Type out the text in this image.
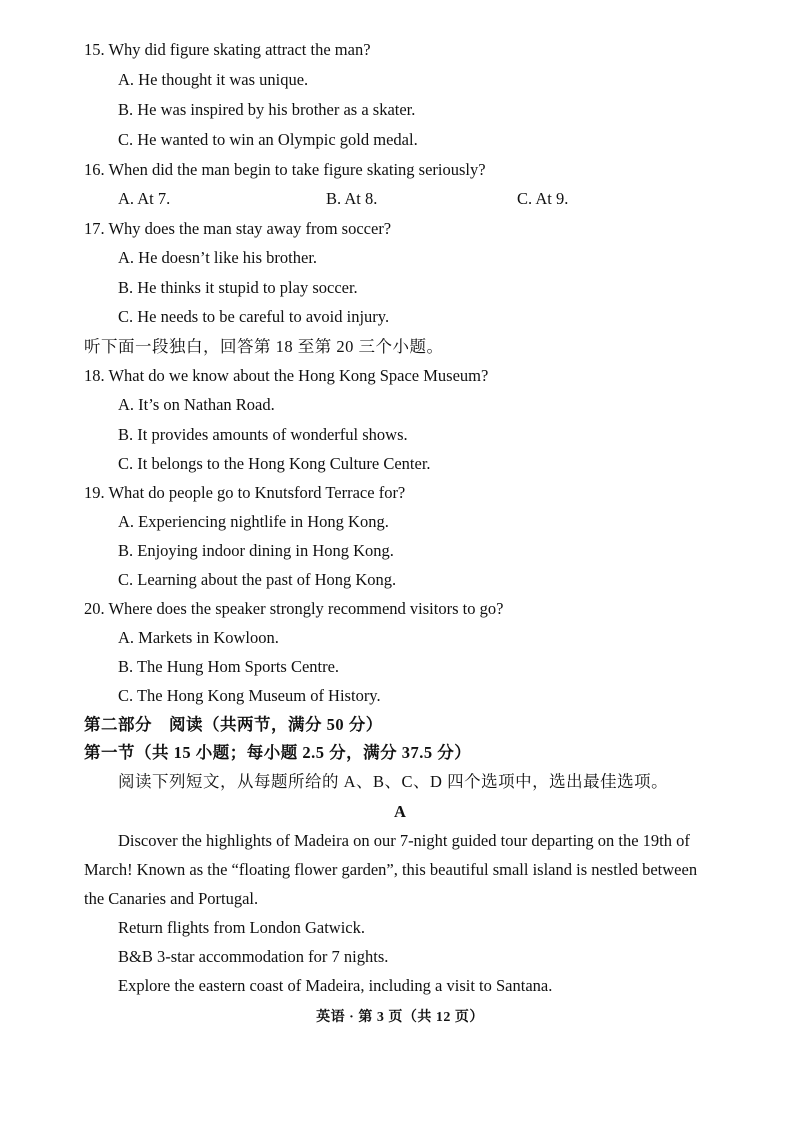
15. Why did figure skating attract the man?
A. He thought it was unique.
B. He was inspired by his brother as a skater.
C. He wanted to win an Olympic gold medal.
16. When did the man begin to take figure skating seriously?
A. At 7.	B. At 8.	C. At 9.
17. Why does the man stay away from soccer?
A. He doesn’t like his brother.
B. He thinks it stupid to play soccer.
C. He needs to be careful to avoid injury.
听下面一段独白，回答第 18 至第 20 三个小题。
18. What do we know about the Hong Kong Space Museum?
A. It’s on Nathan Road.
B. It provides amounts of wonderful shows.
C. It belongs to the Hong Kong Culture Center.
19. What do people go to Knutsford Terrace for?
A. Experiencing nightlife in Hong Kong.
B. Enjoying indoor dining in Hong Kong.
C. Learning about the past of Hong Kong.
20. Where does the speaker strongly recommend visitors to go?
A. Markets in Kowloon.
B. The Hung Hom Sports Centre.
C. The Hong Kong Museum of History.
第二部分　阅读（共两节，满分 50 分）
第一节（共 15 小题；每小题 2.5 分，满分 37.5 分）
阅读下列短文，从每题所给的 A、B、C、D 四个选项中，选出最佳选项。
A
Discover the highlights of Madeira on our 7-night guided tour departing on the 19th of
March! Known as the “floating flower garden”, this beautiful small island is nestled between
the Canaries and Portugal.
Return flights from London Gatwick.
B&B 3-star accommodation for 7 nights.
Explore the eastern coast of Madeira, including a visit to Santana.
英语 · 第 3 页（共 12 页）
